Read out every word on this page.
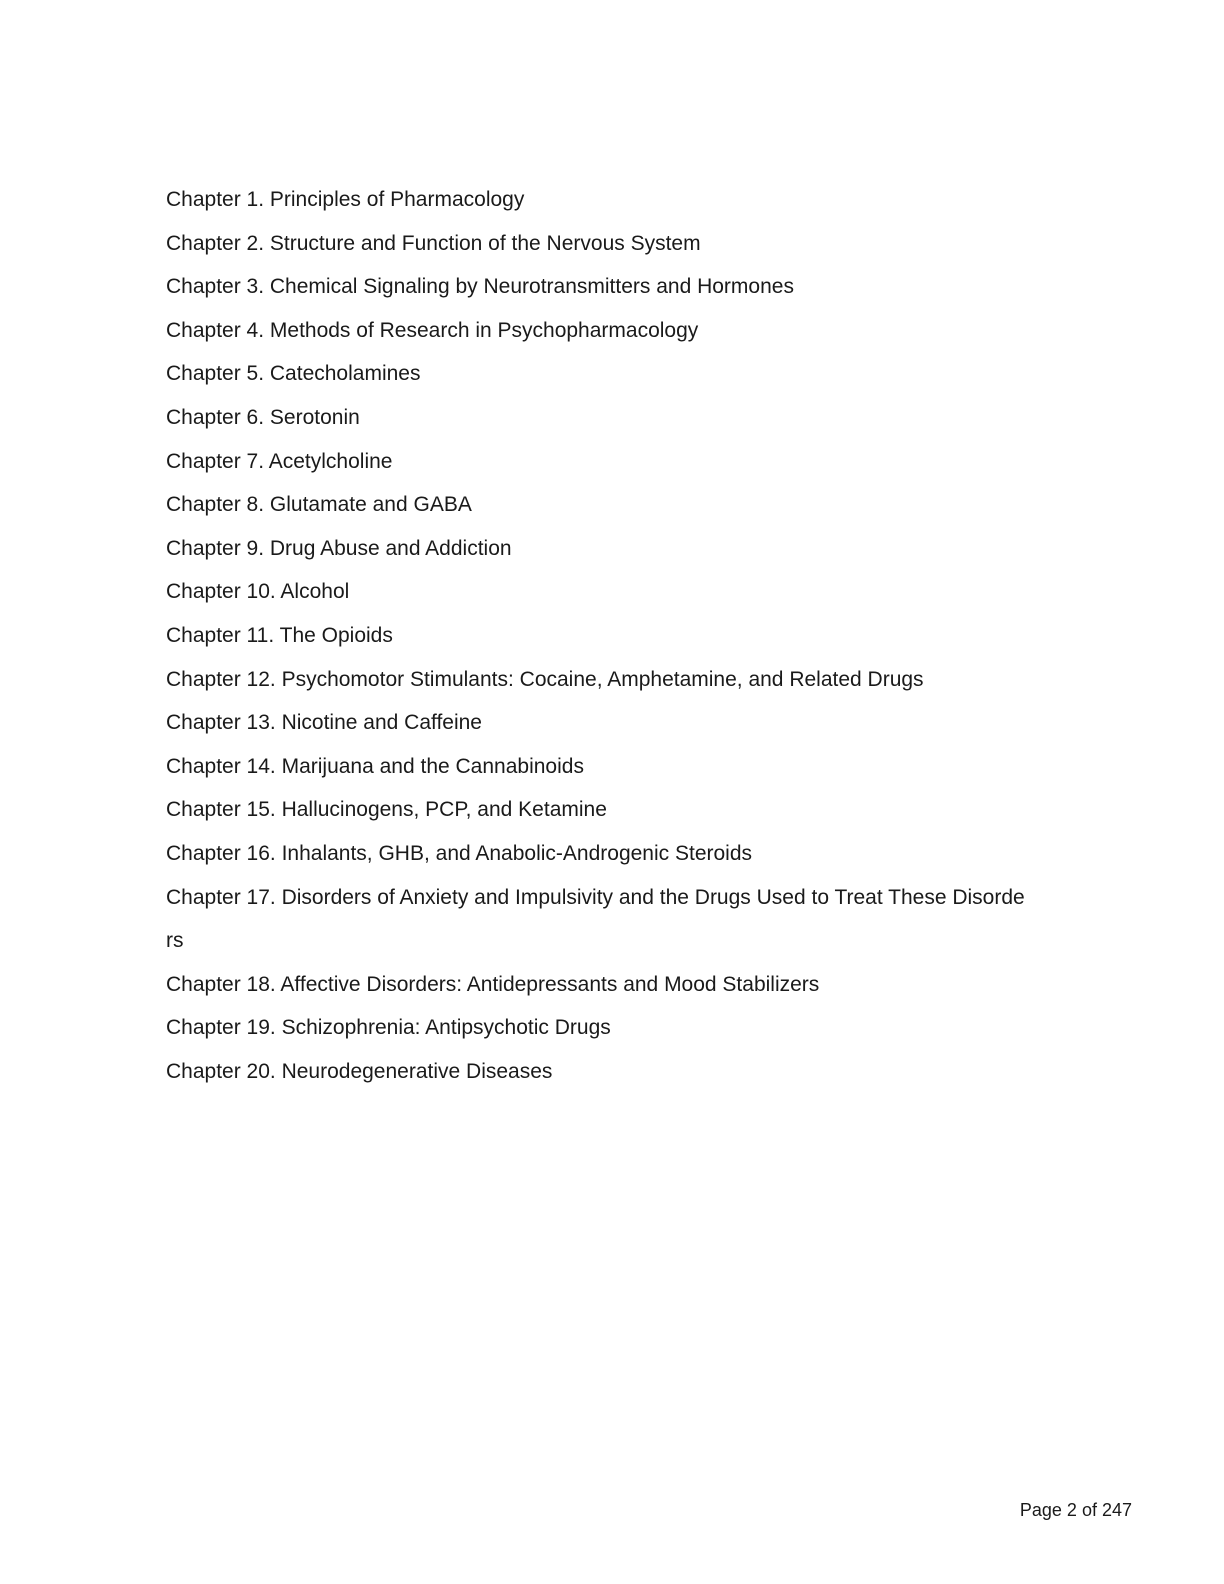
Chapter 1. Principles of Pharmacology
Chapter 2. Structure and Function of the Nervous System
Chapter 3. Chemical Signaling by Neurotransmitters and Hormones
Chapter 4. Methods of Research in Psychopharmacology
Chapter 5. Catecholamines
Chapter 6. Serotonin
Chapter 7. Acetylcholine
Chapter 8. Glutamate and GABA
Chapter 9. Drug Abuse and Addiction
Chapter 10. Alcohol
Chapter 11. The Opioids
Chapter 12. Psychomotor Stimulants: Cocaine, Amphetamine, and Related Drugs
Chapter 13. Nicotine and Caffeine
Chapter 14. Marijuana and the Cannabinoids
Chapter 15. Hallucinogens, PCP, and Ketamine
Chapter 16. Inhalants, GHB, and Anabolic-Androgenic Steroids
Chapter 17. Disorders of Anxiety and Impulsivity and the Drugs Used to Treat These Disorde
rs
Chapter 18. Affective Disorders: Antidepressants and Mood Stabilizers
Chapter 19. Schizophrenia: Antipsychotic Drugs
Chapter 20. Neurodegenerative Diseases
Page 2 of 247
